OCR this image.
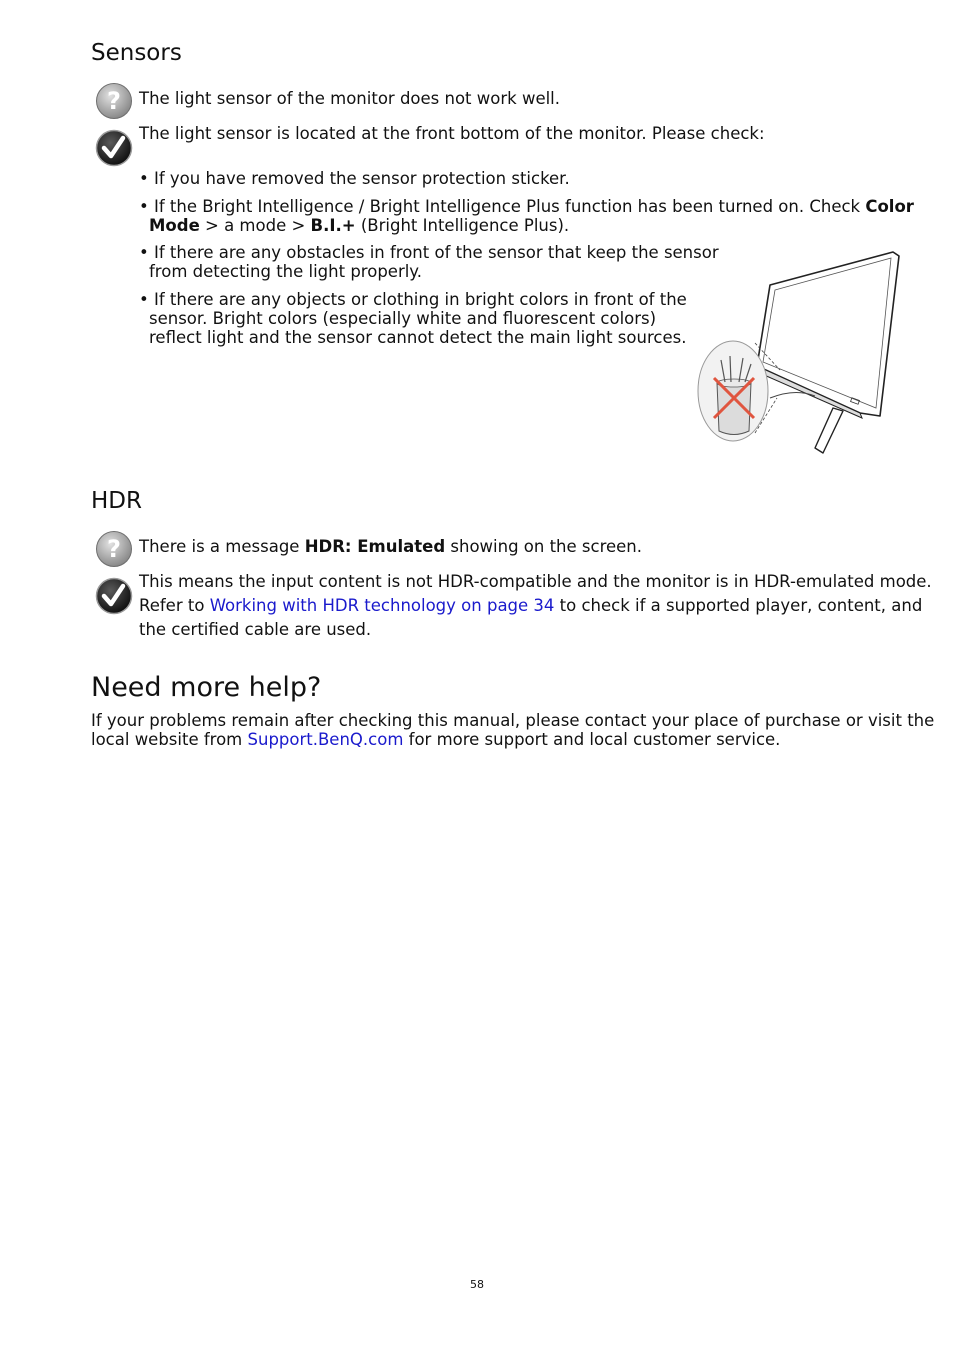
Sensors
? The light sensor of the monitor does not work well.
The light sensor is located at the front bottom of the monitor. Please check:
• If you have removed the sensor protection sticker.
• If the Bright Intelligence / Bright Intelligence Plus function has been turned on. Check Color
Mode > a mode > B.I.+ (Bright Intelligence Plus).
• If there are any obstacles in front of the sensor that keep the sensor
from detecting the light properly.
• If there are any objects or clothing in bright colors in front of the
sensor. Bright colors (especially white and fluorescent colors)
reflect light and the sensor cannot detect the main light sources.
HDR
? There is a message HDR: Emulated showing on the screen.
This means the input content is not HDR-compatible and the monitor is in HDR-emulated mode.
Refer to Working with HDR technology on page 34 to check if a supported player, content, and
the certified cable are used.
Need more help?
If your problems remain after checking this manual, please contact your place of purchase or visit the
local website from Support.BenQ.com for more support and local customer service.
58
